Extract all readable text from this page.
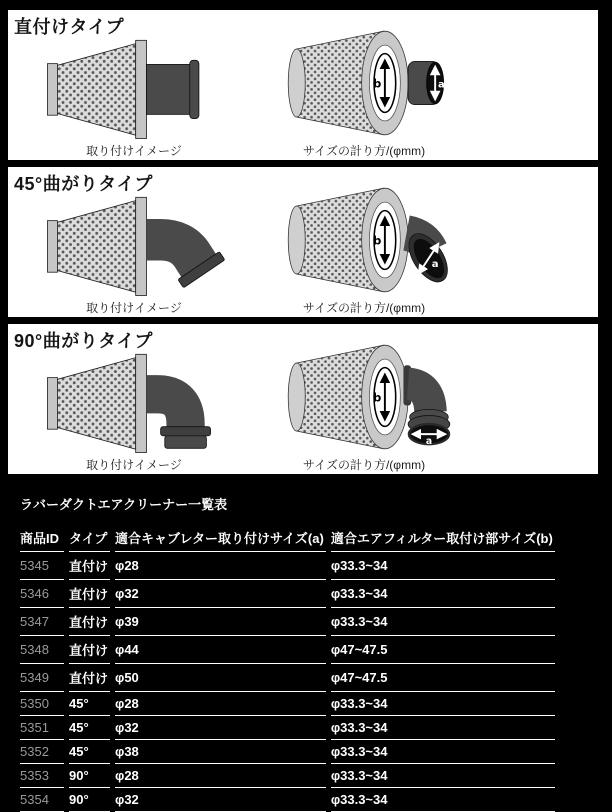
直付けタイプ
取り付けイメージ
b	a
サイズの計り方/(φmm)
45°曲がりタイプ
取り付けイメージ
b
a
サイズの計り方/(φmm)
90°曲がりタイプ
取り付けイメージ
b
a
サイズの計り方/(φmm)
ラバーダクトエアクリーナー一覧表
商品ID	タイプ	適合キャブレター取り付けサイズ(a)	適合エアフィルター取付け部サイズ(b)
5345	直付け	φ28	φ33.3~34
5346	直付け	φ32	φ33.3~34
5347	直付け	φ39	φ33.3~34
5348	直付け	φ44	φ47~47.5
5349	直付け	φ50	φ47~47.5
5350	45°	φ28	φ33.3~34
5351	45°	φ32	φ33.3~34
5352	45°	φ38	φ33.3~34
5353	90°	φ28	φ33.3~34
5354	90°	φ32	φ33.3~34
